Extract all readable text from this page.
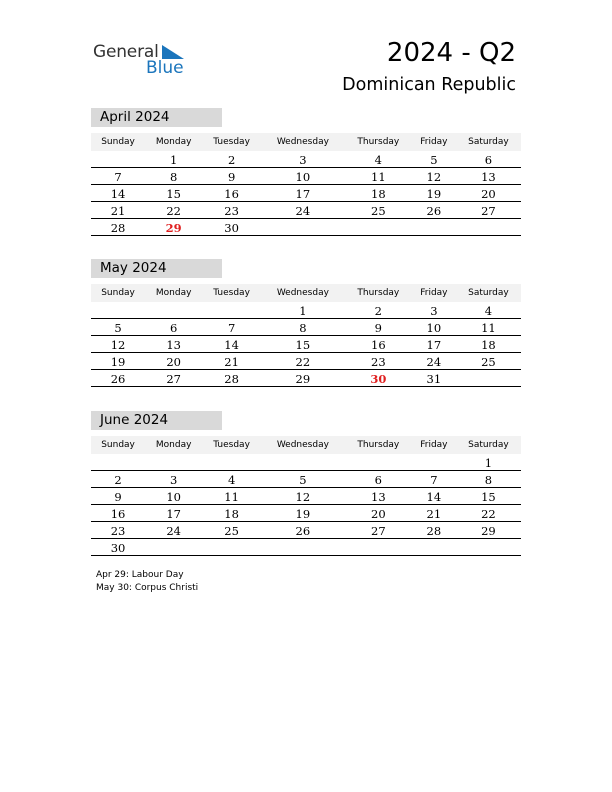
General
Blue	2024 - Q2
Dominican Republic
April 2024
Sunday	Monday	Tuesday	Wednesday	Thursday	Friday	Saturday
	1	2	3	4	5	6
7	8	9	10	11	12	13
14	15	16	17	18	19	20
21	22	23	24	25	26	27
28	29	30				
May 2024
Sunday	Monday	Tuesday	Wednesday	Thursday	Friday	Saturday
			1	2	3	4
5	6	7	8	9	10	11
12	13	14	15	16	17	18
19	20	21	22	23	24	25
26	27	28	29	30	31	
June 2024
Sunday	Monday	Tuesday	Wednesday	Thursday	Friday	Saturday
						1
2	3	4	5	6	7	8
9	10	11	12	13	14	15
16	17	18	19	20	21	22
23	24	25	26	27	28	29
30						
Apr 29: Labour Day
May 30: Corpus Christi
